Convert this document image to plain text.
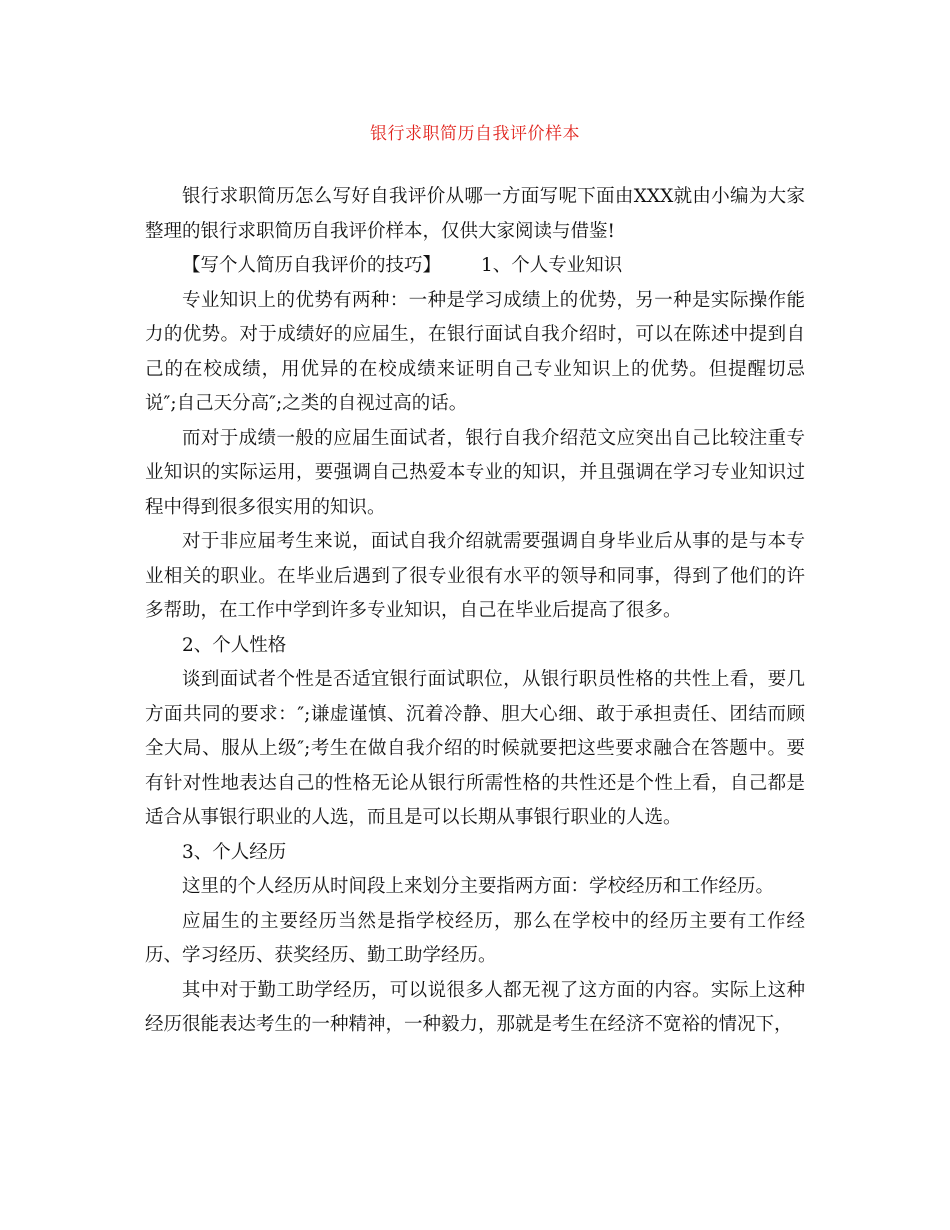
银行求职简历自我评价样本

银行求职简历怎么写好自我评价从哪一方面写呢下面由XXX就由小编为大家整理的银行求职简历自我评价样本，仅供大家阅读与借鉴!

【写个人简历自我评价的技巧】 1、个人专业知识

专业知识上的优势有两种：一种是学习成绩上的优势，另一种是实际操作能力的优势。对于成绩好的应届生，在银行面试自我介绍时，可以在陈述中提到自己的在校成绩，用优异的在校成绩来证明自己专业知识上的优势。但提醒切忌说″;自己天分高″;之类的自视过高的话。

而对于成绩一般的应届生面试者，银行自我介绍范文应突出自己比较注重专业知识的实际运用，要强调自己热爱本专业的知识，并且强调在学习专业知识过程中得到很多很实用的知识。

对于非应届考生来说，面试自我介绍就需要强调自身毕业后从事的是与本专业相关的职业。在毕业后遇到了很专业很有水平的领导和同事，得到了他们的许多帮助，在工作中学到许多专业知识，自己在毕业后提高了很多。

2、个人性格

谈到面试者个性是否适宜银行面试职位，从银行职员性格的共性上看，要几方面共同的要求：″;谦虚谨慎、沉着冷静、胆大心细、敢于承担责任、团结而顾全大局、服从上级″;考生在做自我介绍的时候就要把这些要求融合在答题中。要有针对性地表达自己的性格无论从银行所需性格的共性还是个性上看，自己都是适合从事银行职业的人选，而且是可以长期从事银行职业的人选。

3、个人经历

这里的个人经历从时间段上来划分主要指两方面：学校经历和工作经历。

应届生的主要经历当然是指学校经历，那么在学校中的经历主要有工作经历、学习经历、获奖经历、勤工助学经历。

其中对于勤工助学经历，可以说很多人都无视了这方面的内容。实际上这种经历很能表达考生的一种精神，一种毅力，那就是考生在经济不宽裕的情况下，
